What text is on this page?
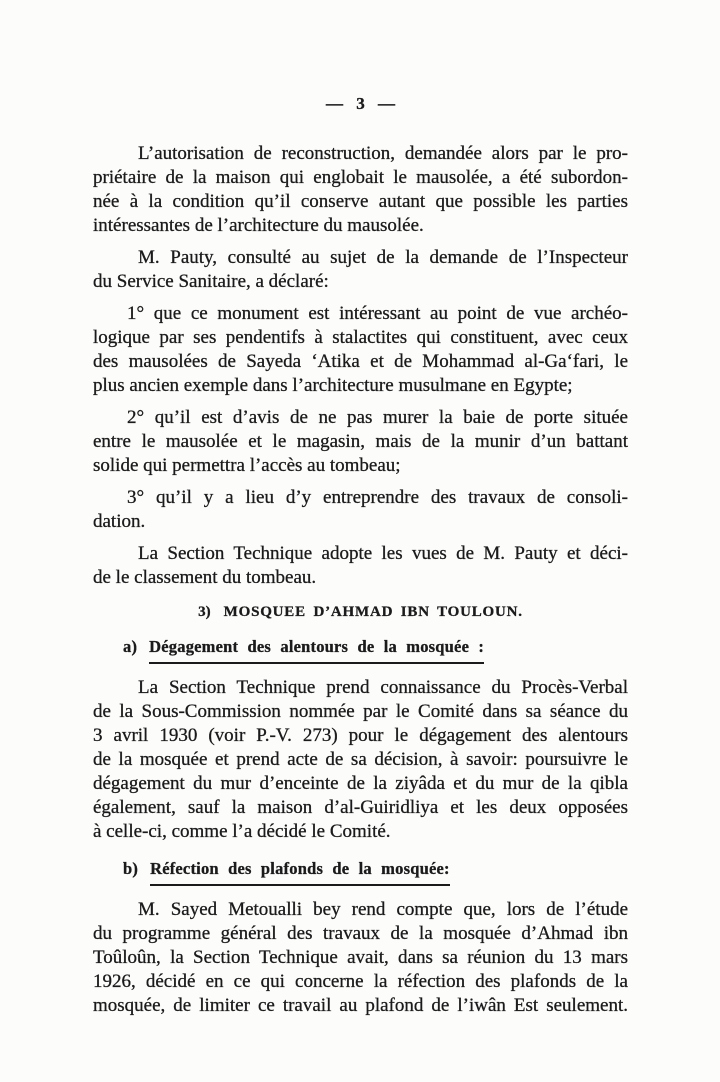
— 3 —
L’autorisation de reconstruction, demandée alors par le pro-
priétaire de la maison qui englobait le mausolée, a été subordon-
née à la condition qu’il conserve autant que possible les parties
intéressantes de l’architecture du mausolée.
M. Pauty, consulté au sujet de la demande de l’Inspecteur
du Service Sanitaire, a déclaré:
1° que ce monument est intéressant au point de vue archéo-
logique par ses pendentifs à stalactites qui constituent, avec ceux
des mausolées de Sayeda ‘Atika et de Mohammad al-Ga‘fari, le
plus ancien exemple dans l’architecture musulmane en Egypte;
2° qu’il est d’avis de ne pas murer la baie de porte située
entre le mausolée et le magasin, mais de la munir d’un battant
solide qui permettra l’accès au tombeau;
3° qu’il y a lieu d’y entreprendre des travaux de consoli-
dation.
La Section Technique adopte les vues de M. Pauty et déci-
de le classement du tombeau.
3) MOSQUEE D’AHMAD IBN TOULOUN.
a) Dégagement des alentours de la mosquée :
La Section Technique prend connaissance du Procès-Verbal
de la Sous-Commission nommée par le Comité dans sa séance du
3 avril 1930 (voir P.-V. 273) pour le dégagement des alentours
de la mosquée et prend acte de sa décision, à savoir: poursuivre le
dégagement du mur d’enceinte de la ziyâda et du mur de la qibla
également, sauf la maison d’al-Guiridliya et les deux opposées
à celle-ci, comme l’a décidé le Comité.
b) Réfection des plafonds de la mosquée:
M. Sayed Metoualli bey rend compte que, lors de l’étude
du programme général des travaux de la mosquée d’Ahmad ibn
Toûloûn, la Section Technique avait, dans sa réunion du 13 mars
1926, décidé en ce qui concerne la réfection des plafonds de la
mosquée, de limiter ce travail au plafond de l’iwân Est seulement.
